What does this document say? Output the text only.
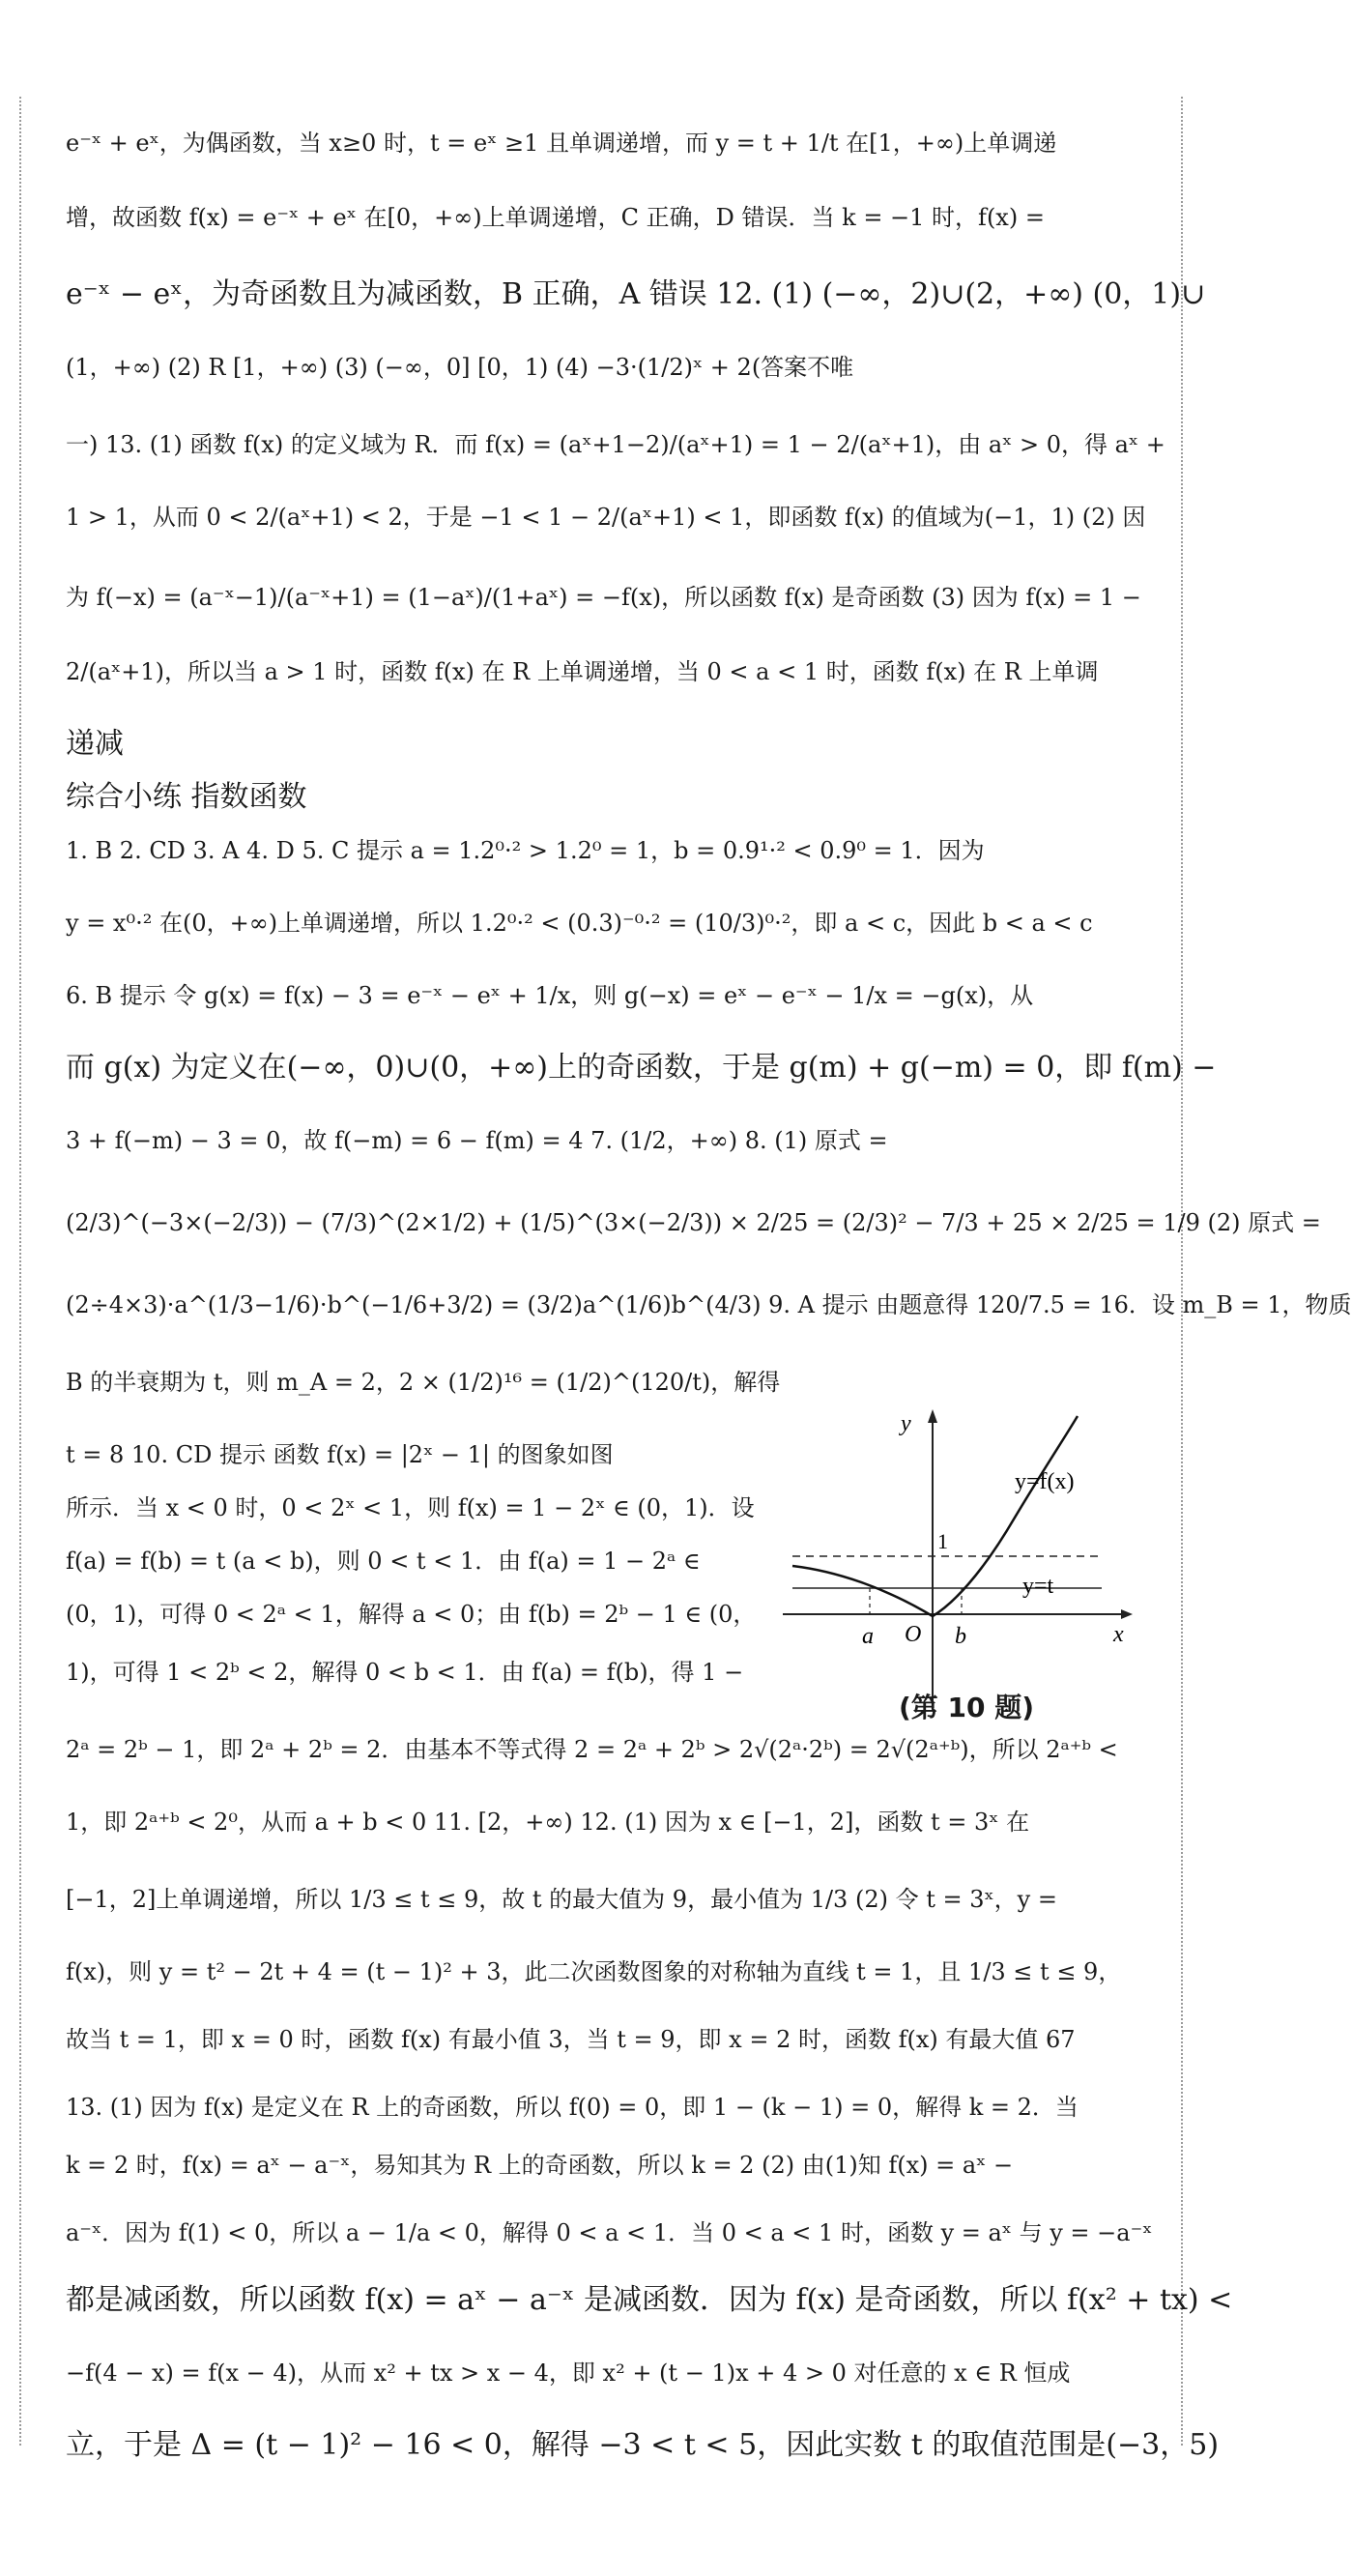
e⁻ˣ + eˣ，为偶函数，当 x≥0 时，t = eˣ ≥1 且单调递增，而 y = t + 1/t 在[1，+∞)上单调递
增，故函数 f(x) = e⁻ˣ + eˣ 在[0，+∞)上单调递增，C 正确，D 错误．当 k = −1 时，f(x) =
e⁻ˣ − eˣ，为奇函数且为减函数，B 正确，A 错误 12. (1) (−∞，2)∪(2，+∞) (0，1)∪
(1，+∞) (2) R [1，+∞) (3) (−∞，0] [0，1) (4) −3·(1/2)ˣ + 2(答案不唯
一) 13. (1) 函数 f(x) 的定义域为 R．而 f(x) = (aˣ+1−2)/(aˣ+1) = 1 − 2/(aˣ+1)，由 aˣ > 0，得 aˣ +
1 > 1，从而 0 < 2/(aˣ+1) < 2，于是 −1 < 1 − 2/(aˣ+1) < 1，即函数 f(x) 的值域为(−1，1) (2) 因
为 f(−x) = (a⁻ˣ−1)/(a⁻ˣ+1) = (1−aˣ)/(1+aˣ) = −f(x)，所以函数 f(x) 是奇函数 (3) 因为 f(x) = 1 −
2/(aˣ+1)，所以当 a > 1 时，函数 f(x) 在 R 上单调递增，当 0 < a < 1 时，函数 f(x) 在 R 上单调
递减
综合小练 指数函数
1. B 2. CD 3. A 4. D 5. C 提示 a = 1.2⁰·² > 1.2⁰ = 1，b = 0.9¹·² < 0.9⁰ = 1．因为
y = x⁰·² 在(0，+∞)上单调递增，所以 1.2⁰·² < (0.3)⁻⁰·² = (10/3)⁰·²，即 a < c，因此 b < a < c
6. B 提示 令 g(x) = f(x) − 3 = e⁻ˣ − eˣ + 1/x，则 g(−x) = eˣ − e⁻ˣ − 1/x = −g(x)，从
而 g(x) 为定义在(−∞，0)∪(0，+∞)上的奇函数，于是 g(m) + g(−m) = 0，即 f(m) −
3 + f(−m) − 3 = 0，故 f(−m) = 6 − f(m) = 4 7. (1/2，+∞) 8. (1) 原式 =
(2/3)^(−3×(−2/3)) − (7/3)^(2×1/2) + (1/5)^(3×(−2/3)) × 2/25 = (2/3)² − 7/3 + 25 × 2/25 = 1/9 (2) 原式 =
(2÷4×3)·a^(1/3−1/6)·b^(−1/6+3/2) = (3/2)a^(1/6)b^(4/3) 9. A 提示 由题意得 120/7.5 = 16．设 m_B = 1，物质
B 的半衰期为 t，则 m_A = 2，2 × (1/2)¹⁶ = (1/2)^(120/t)，解得
t = 8 10. CD 提示 函数 f(x) = |2ˣ − 1| 的图象如图
所示．当 x < 0 时，0 < 2ˣ < 1，则 f(x) = 1 − 2ˣ ∈ (0，1)．设
f(a) = f(b) = t (a < b)，则 0 < t < 1．由 f(a) = 1 − 2ᵃ ∈
(0，1)，可得 0 < 2ᵃ < 1，解得 a < 0；由 f(b) = 2ᵇ − 1 ∈ (0，
1)，可得 1 < 2ᵇ < 2，解得 0 < b < 1．由 f(a) = f(b)，得 1 −
2ᵃ = 2ᵇ − 1，即 2ᵃ + 2ᵇ = 2．由基本不等式得 2 = 2ᵃ + 2ᵇ > 2√(2ᵃ·2ᵇ) = 2√(2ᵃ⁺ᵇ)，所以 2ᵃ⁺ᵇ <
1，即 2ᵃ⁺ᵇ < 2⁰，从而 a + b < 0 11. [2，+∞) 12. (1) 因为 x ∈ [−1，2]，函数 t = 3ˣ 在
[−1，2]上单调递增，所以 1/3 ≤ t ≤ 9，故 t 的最大值为 9，最小值为 1/3 (2) 令 t = 3ˣ，y =
f(x)，则 y = t² − 2t + 4 = (t − 1)² + 3，此二次函数图象的对称轴为直线 t = 1，且 1/3 ≤ t ≤ 9，
故当 t = 1，即 x = 0 时，函数 f(x) 有最小值 3，当 t = 9，即 x = 2 时，函数 f(x) 有最大值 67
13. (1) 因为 f(x) 是定义在 R 上的奇函数，所以 f(0) = 0，即 1 − (k − 1) = 0，解得 k = 2．当
k = 2 时，f(x) = aˣ − a⁻ˣ，易知其为 R 上的奇函数，所以 k = 2 (2) 由(1)知 f(x) = aˣ −
a⁻ˣ．因为 f(1) < 0，所以 a − 1/a < 0，解得 0 < a < 1．当 0 < a < 1 时，函数 y = aˣ 与 y = −a⁻ˣ
都是减函数，所以函数 f(x) = aˣ − a⁻ˣ 是减函数．因为 f(x) 是奇函数，所以 f(x² + tx) <
−f(4 − x) = f(x − 4)，从而 x² + tx > x − 4，即 x² + (t − 1)x + 4 > 0 对任意的 x ∈ R 恒成
立，于是 Δ = (t − 1)² − 16 < 0，解得 −3 < t < 5，因此实数 t 的取值范围是(−3，5)
y
x
O
y=f(x)
y=t
1
a	b
(第 10 题)
